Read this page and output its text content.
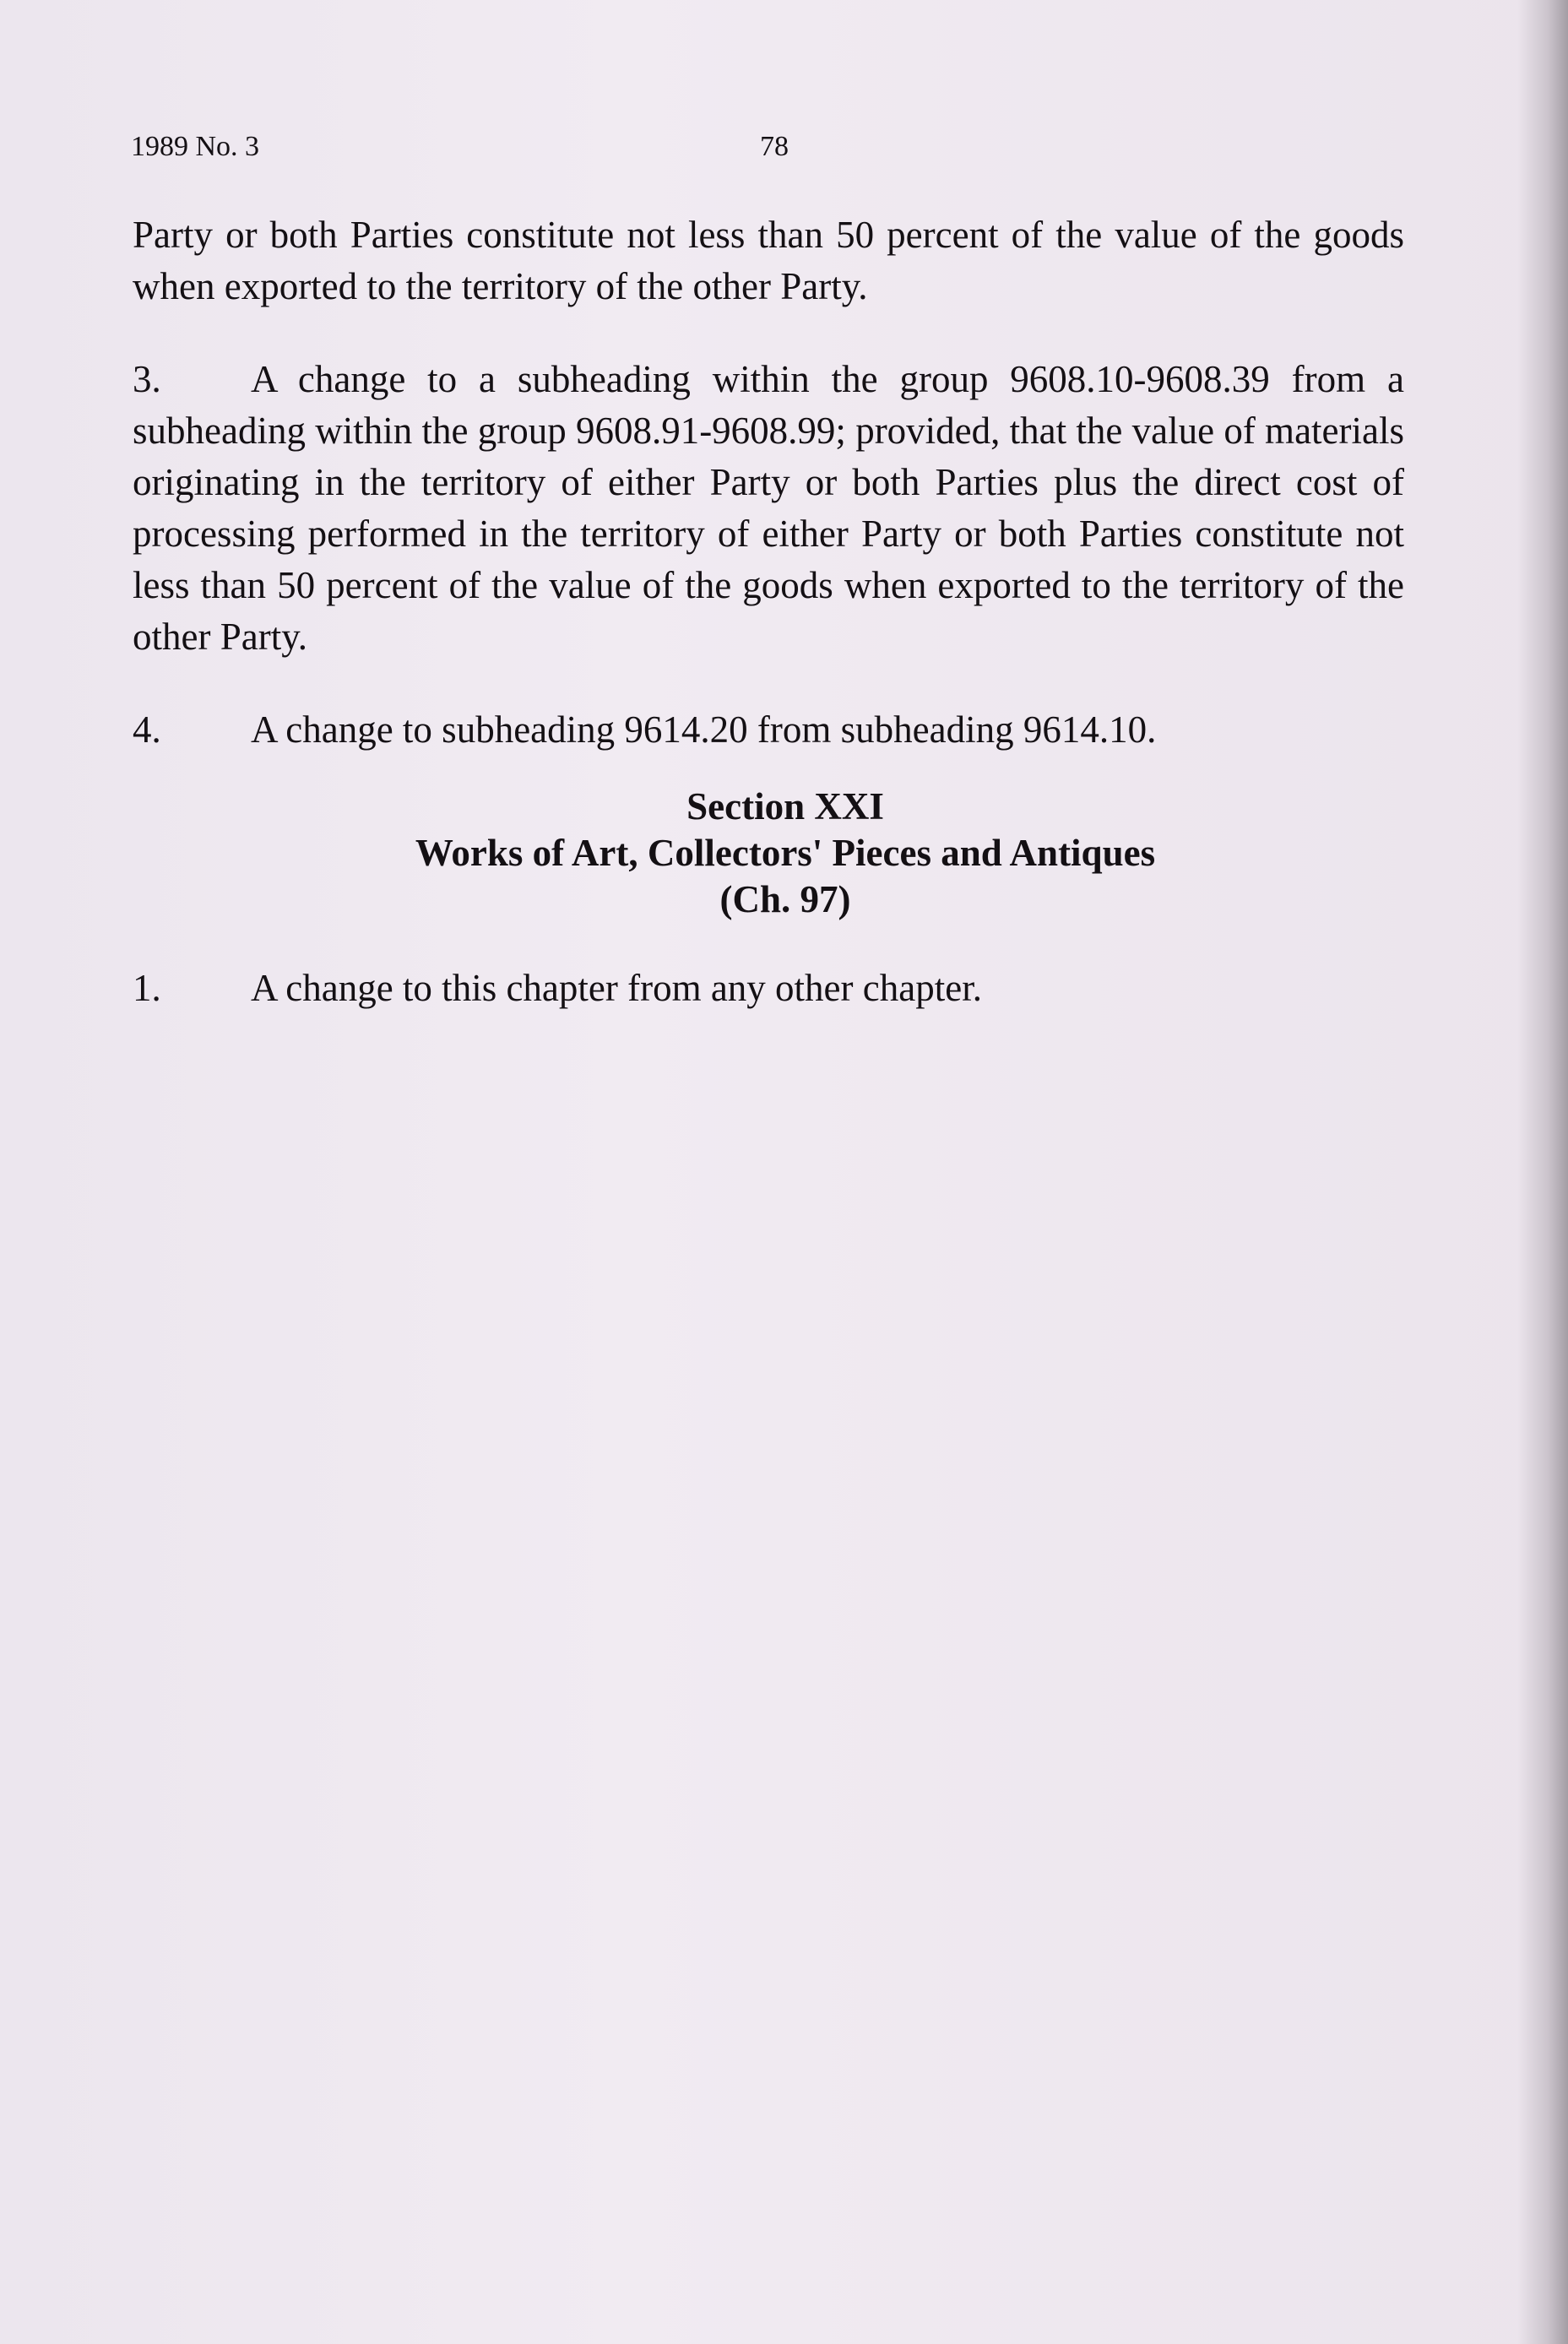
1989 No. 3	78

Party or both Parties constitute not less than 50 percent of the value of the goods when exported to the territory of the other Party.

3. A change to a subheading within the group 9608.10-9608.39 from a subheading within the group 9608.91-9608.99; provided, that the value of materials originating in the territory of either Party or both Parties plus the direct cost of processing performed in the territory of either Party or both Parties constitute not less than 50 percent of the value of the goods when exported to the territory of the other Party.

4. A change to subheading 9614.20 from subheading 9614.10.

Section XXI
Works of Art, Collectors' Pieces and Antiques
(Ch. 97)

1. A change to this chapter from any other chapter.
